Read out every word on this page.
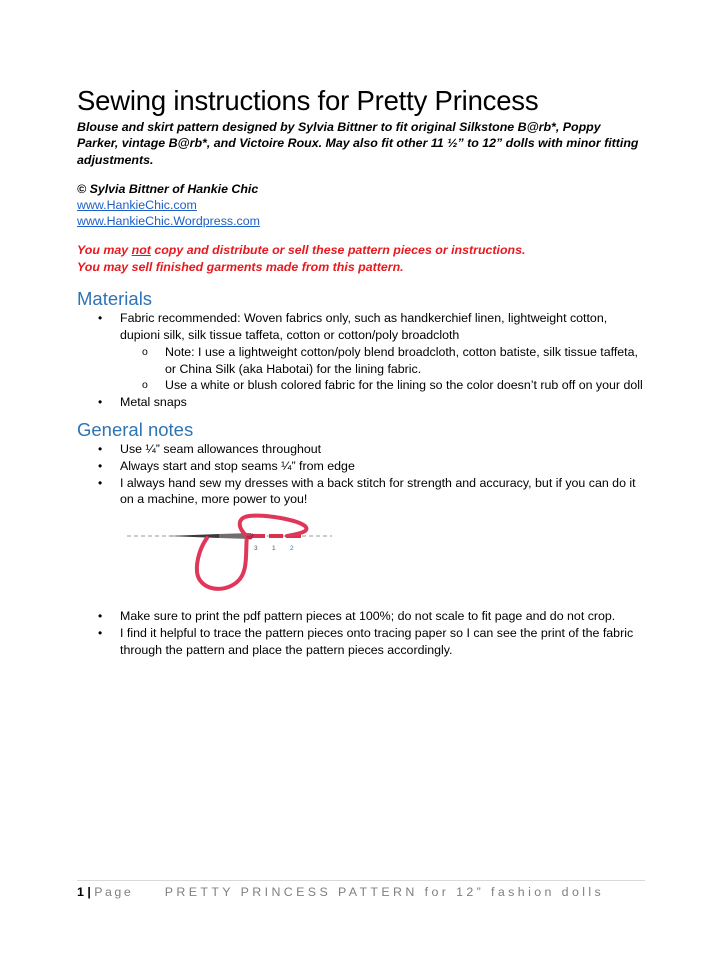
Sewing instructions for Pretty Princess

Blouse and skirt pattern designed by Sylvia Bittner to fit original Silkstone B@rb*, Poppy Parker, vintage B@rb*, and Victoire Roux. May also fit other 11 ½” to 12” dolls with minor fitting adjustments.

© Sylvia Bittner of Hankie Chic
www.HankieChic.com
www.HankieChic.Wordpress.com
You may not copy and distribute or sell these pattern pieces or instructions.
You may sell finished garments made from this pattern.
Materials
• Fabric recommended: Woven fabrics only, such as handkerchief linen, lightweight cotton, dupioni silk, silk tissue taffeta, cotton or cotton/poly broadcloth
o Note: I use a lightweight cotton/poly blend broadcloth, cotton batiste, silk tissue taffeta, or China Silk (aka Habotai) for the lining fabric.
o Use a white or blush colored fabric for the lining so the color doesn’t rub off on your doll
• Metal snaps
General notes
• Use ¼” seam allowances throughout
• Always start and stop seams ¼” from edge
• I always hand sew my dresses with a back stitch for strength and accuracy, but if you can do it on a machine, more power to you!
3 1 2
• Make sure to print the pdf pattern pieces at 100%; do not scale to fit page and do not crop.
• I find it helpful to trace the pattern pieces onto tracing paper so I can see the print of the fabric through the pattern and place the pattern pieces accordingly.
1 | Page	PRETTY PRINCESS PATTERN for 12” fashion dolls
